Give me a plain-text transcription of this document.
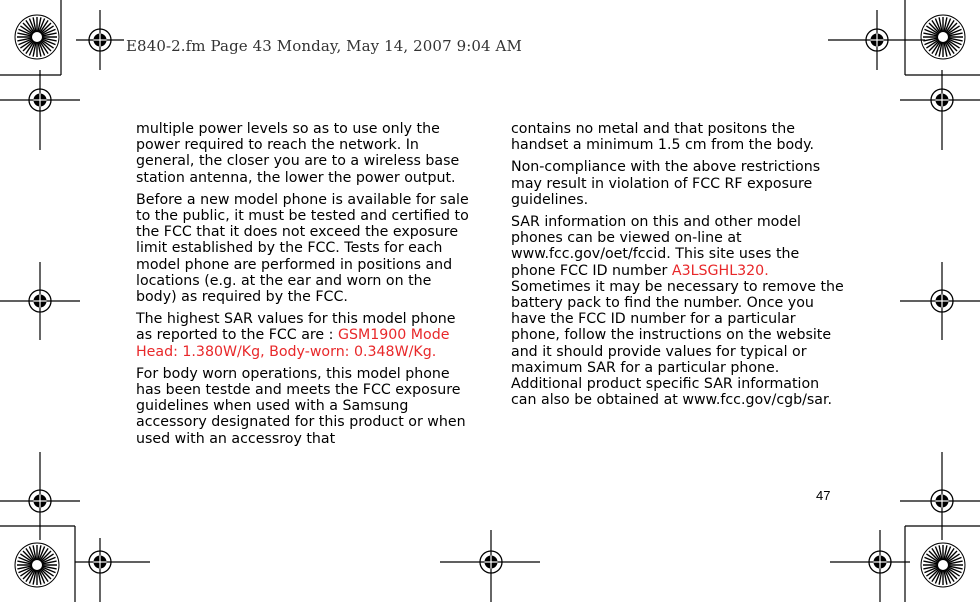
E840-2.fm Page 43 Monday, May 14, 2007 9:04 AM

multiple power levels so as to use only the power required to reach the network. In general, the closer you are to a wireless base station antenna, the lower the power output.

Before a new model phone is available for sale to the public, it must be tested and certified to the FCC that it does not exceed the exposure limit established by the FCC. Tests for each model phone are performed in positions and locations (e.g. at the ear and worn on the body) as required by the FCC.

The highest SAR values for this model phone as reported to the FCC are : GSM1900 Mode Head: 1.380W/Kg, Body-worn: 0.348W/Kg.

For body worn operations, this model phone has been testde and meets the FCC exposure guidelines when used with a Samsung accessory designated for this product or when used with an accessroy that

contains no metal and that positons the handset a minimum 1.5 cm from the body.

Non-compliance with the above restrictions may result in violation of FCC RF exposure guidelines.

SAR information on this and other model phones can be viewed on-line at www.fcc.gov/oet/fccid. This site uses the phone FCC ID number A3LSGHL320. Sometimes it may be necessary to remove the battery pack to find the number. Once you have the FCC ID number for a particular phone, follow the instructions on the website and it should provide values for typical or maximum SAR for a particular phone. Additional product specific SAR information can also be obtained at www.fcc.gov/cgb/sar.

47
